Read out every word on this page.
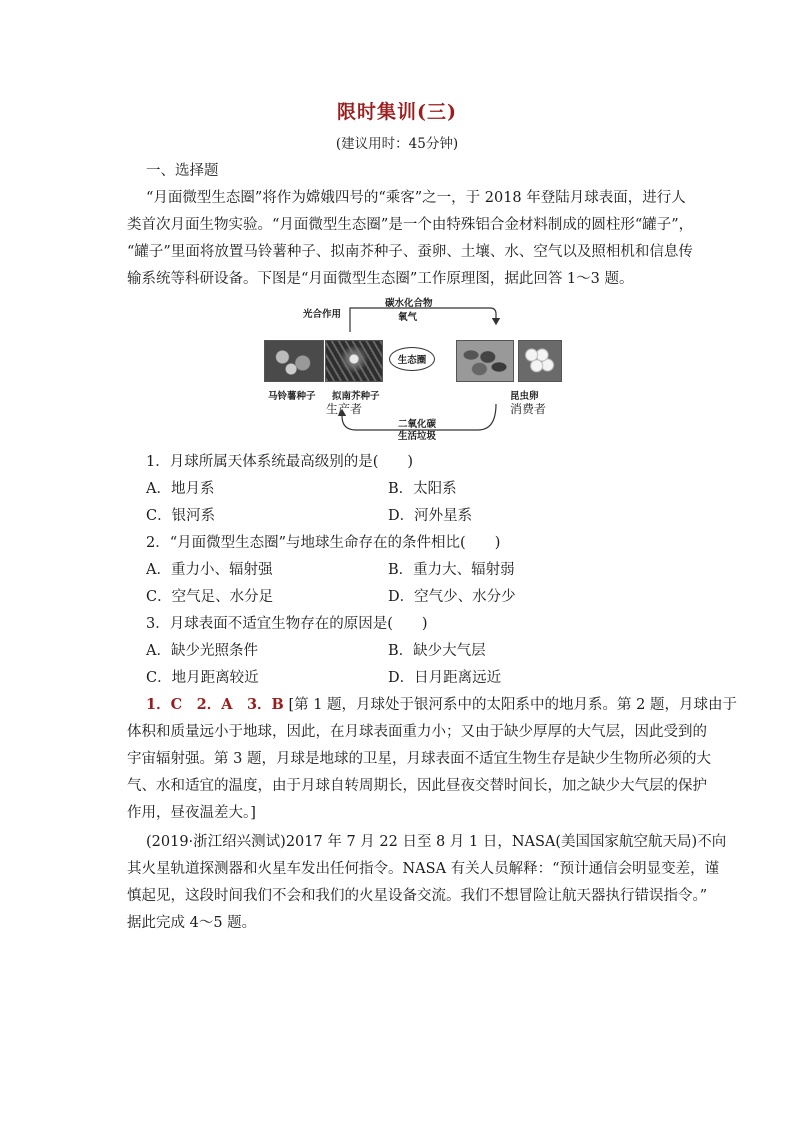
限时集训(三)
(建议用时：45分钟)
一、选择题
“月面微型生态圈”将作为嫦娥四号的“乘客”之一，于 2018 年登陆月球表面，进行人
类首次月面生物实验。“月面微型生态圈”是一个由特殊铝合金材料制成的圆柱形“罐子”，
“罐子”里面将放置马铃薯种子、拟南芥种子、蚕卵、土壤、水、空气以及照相机和信息传
输系统等科研设备。下图是“月面微型生态圈”工作原理图，据此回答 1～3 题。
碳水化合物
氧气
光合作用
生态圈
马铃薯种子 拟南芥种子
生产者
昆虫卵
消费者
二氧化碳
生活垃圾
1．月球所属天体系统最高级别的是(　　)
A．地月系	B．太阳系
C．银河系	D．河外星系
2．“月面微型生态圈”与地球生命存在的条件相比(　　)
A．重力小、辐射强	B．重力大、辐射弱
C．空气足、水分足	D．空气少、水分少
3．月球表面不适宜生物存在的原因是(　　)
A．缺少光照条件	B．缺少大气层
C．地月距离较近	D．日月距离远近
1．C　2．A　3．B [第 1 题，月球处于银河系中的太阳系中的地月系。第 2 题，月球由于
体积和质量远小于地球，因此，在月球表面重力小；又由于缺少厚厚的大气层，因此受到的
宇宙辐射强。第 3 题，月球是地球的卫星，月球表面不适宜生物生存是缺少生物所必须的大
气、水和适宜的温度，由于月球自转周期长，因此昼夜交替时间长，加之缺少大气层的保护
作用，昼夜温差大。]
(2019·浙江绍兴测试)2017 年 7 月 22 日至 8 月 1 日，NASA(美国国家航空航天局)不向
其火星轨道探测器和火星车发出任何指令。NASA 有关人员解释：“预计通信会明显变差，谨
慎起见，这段时间我们不会和我们的火星设备交流。我们不想冒险让航天器执行错误指令。”
据此完成 4～5 题。
